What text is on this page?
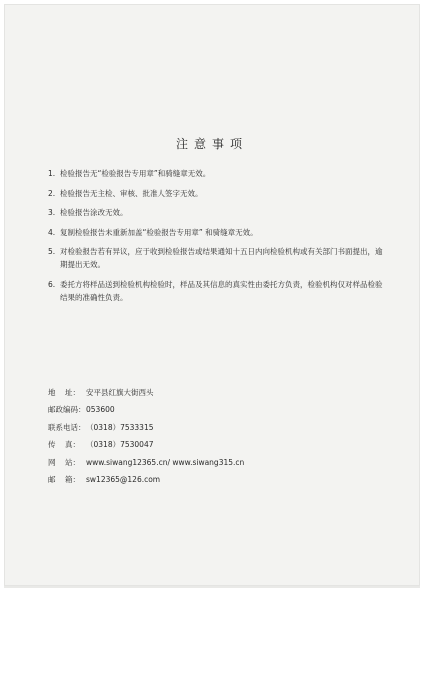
注意事项
1. 检验报告无“检验报告专用章”和骑缝章无效。
2. 检验报告无主检、审核、批准人签字无效。
3. 检验报告涂改无效。
4. 复制检验报告未重新加盖“检验报告专用章” 和骑缝章无效。
5. 对检验报告若有异议，应于收到检验报告或结果通知十五日内向检验机构或有关部门书面提出，逾期提出无效。
6. 委托方将样品送到检验机构检验时，样品及其信息的真实性由委托方负责，检验机构仅对样品检验结果的准确性负责。
地    址： 安平县红旗大街西头
邮政编码： 053600
联系电话： （0318）7533315
传    真： （0318）7530047
网    站： www.siwang12365.cn/ www.siwang315.cn
邮    箱： sw12365@126.com
